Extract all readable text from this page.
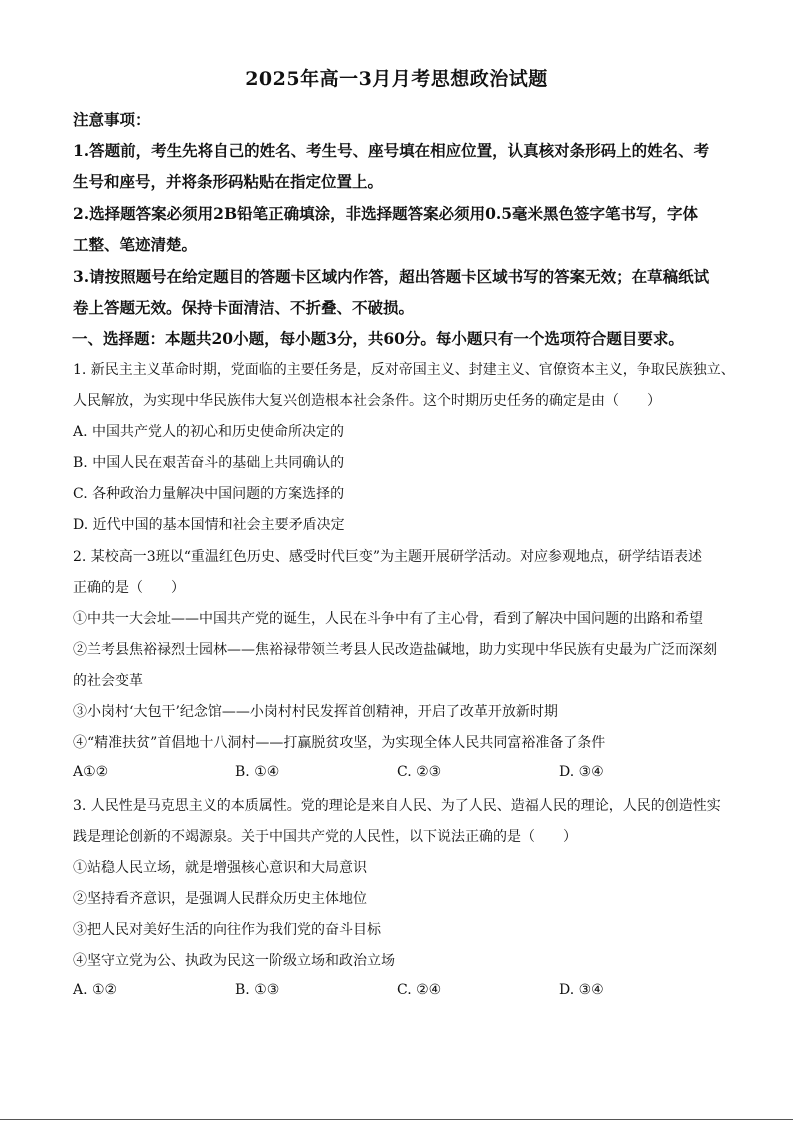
2025年高一3月月考思想政治试题
注意事项：
1.答题前，考生先将自己的姓名、考生号、座号填在相应位置，认真核对条形码上的姓名、考
生号和座号，并将条形码粘贴在指定位置上。
2.选择题答案必须用2B铅笔正确填涂，非选择题答案必须用0.5毫米黑色签字笔书写，字体
工整、笔迹清楚。
3.请按照题号在给定题目的答题卡区域内作答，超出答题卡区域书写的答案无效；在草稿纸试
卷上答题无效。保持卡面清洁、不折叠、不破损。
一、选择题：本题共20小题，每小题3分，共60分。每小题只有一个选项符合题目要求。
1. 新民主主义革命时期，党面临的主要任务是，反对帝国主义、封建主义、官僚资本主义，争取民族独立、
人民解放，为实现中华民族伟大复兴创造根本社会条件。这个时期历史任务的确定是由（　　）
A. 中国共产党人的初心和历史使命所决定的
B. 中国人民在艰苦奋斗的基础上共同确认的
C. 各种政治力量解决中国问题的方案选择的
D. 近代中国的基本国情和社会主要矛盾决定
2. 某校高一3班以“重温红色历史、感受时代巨变”为主题开展研学活动。对应参观地点，研学结语表述
正确的是（　　）
①中共一大会址——中国共产党的诞生，人民在斗争中有了主心骨，看到了解决中国问题的出路和希望
②兰考县焦裕禄烈士园林——焦裕禄带领兰考县人民改造盐碱地，助力实现中华民族有史最为广泛而深刻
的社会变革
③小岗村‘大包干’纪念馆——小岗村村民发挥首创精神，开启了改革开放新时期
④“精准扶贫”首倡地十八洞村——打赢脱贫攻坚，为实现全体人民共同富裕准备了条件
A①②	B. ①④	C. ②③	D. ③④
3. 人民性是马克思主义的本质属性。党的理论是来自人民、为了人民、造福人民的理论，人民的创造性实
践是理论创新的不竭源泉。关于中国共产党的人民性，以下说法正确的是（　　）
①站稳人民立场，就是增强核心意识和大局意识
②坚持看齐意识，是强调人民群众历史主体地位
③把人民对美好生活的向往作为我们党的奋斗目标
④坚守立党为公、执政为民这一阶级立场和政治立场
A. ①②	B. ①③	C. ②④	D. ③④
